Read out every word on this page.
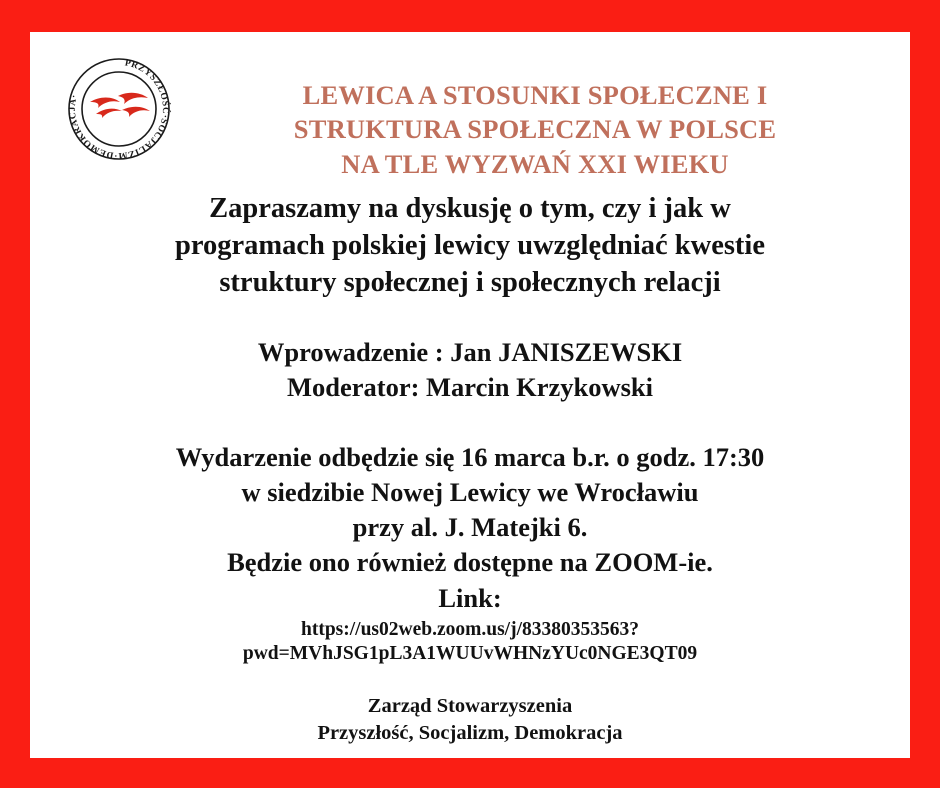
PRZYSZŁOŚĆ·SOCJALIZM·DEMOKRACJA·	LEWICA A STOSUNKI SPOŁECZNE I
STRUKTURA SPOŁECZNA W POLSCE
NA TLE WYZWAŃ XXI WIEKU
Zapraszamy na dyskusję o tym, czy i jak w
programach polskiej lewicy uwzględniać kwestie
struktury społecznej i społecznych relacji
Wprowadzenie : Jan JANISZEWSKI
Moderator: Marcin Krzykowski
Wydarzenie odbędzie się 16 marca b.r. o godz. 17:30
w siedzibie Nowej Lewicy we Wrocławiu
przy al. J. Matejki 6.
Będzie ono również dostępne na ZOOM-ie.
Link:
https://us02web.zoom.us/j/83380353563?
pwd=MVhJSG1pL3A1WUUvWHNzYUc0NGE3QT09
Zarząd Stowarzyszenia
Przyszłość, Socjalizm, Demokracja
